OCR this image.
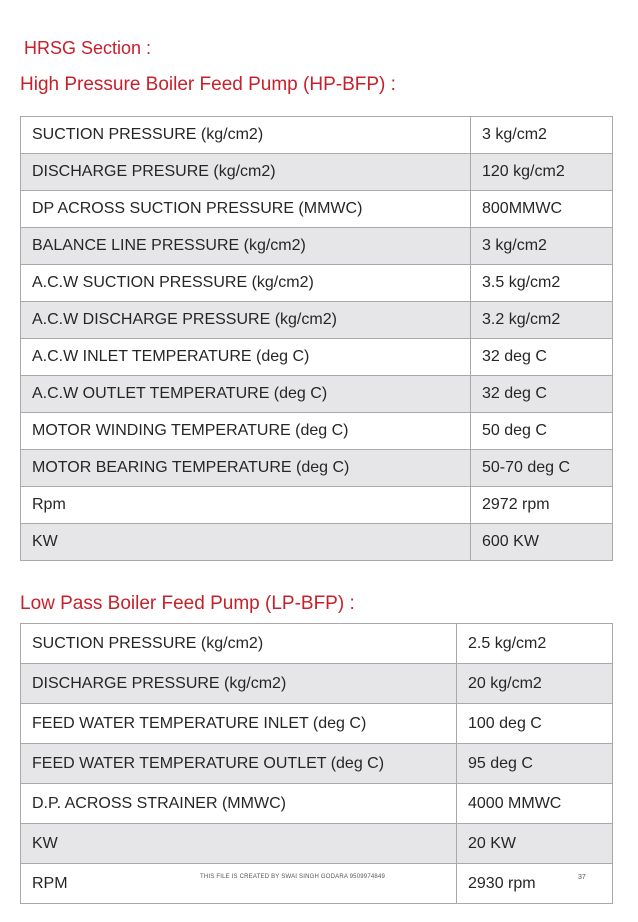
HRSG Section :
High Pressure Boiler Feed Pump (HP-BFP) :
SUCTION PRESSURE (kg/cm2)	3 kg/cm2
DISCHARGE PRESURE (kg/cm2)	120 kg/cm2
DP ACROSS SUCTION PRESSURE (MMWC)	800MMWC
BALANCE LINE PRESSURE (kg/cm2)	3 kg/cm2
A.C.W SUCTION PRESSURE (kg/cm2)	3.5 kg/cm2
A.C.W DISCHARGE PRESSURE (kg/cm2)	3.2 kg/cm2
A.C.W INLET TEMPERATURE (deg C)	32 deg C
A.C.W OUTLET TEMPERATURE (deg C)	32 deg C
MOTOR WINDING TEMPERATURE (deg C)	50 deg C
MOTOR BEARING TEMPERATURE (deg C)	50-70 deg C
Rpm	2972 rpm
KW	600 KW
Low Pass Boiler Feed Pump (LP-BFP) :
SUCTION PRESSURE (kg/cm2)	2.5 kg/cm2
DISCHARGE PRESSURE (kg/cm2)	20 kg/cm2
FEED WATER TEMPERATURE INLET (deg C)	100 deg C
FEED WATER TEMPERATURE OUTLET (deg C)	95 deg C
D.P. ACROSS STRAINER (MMWC)	4000 MMWC
KW	20 KW
RPM	2930 rpm
THIS FILE IS CREATED BY SWAI SINGH GODARA 9509974849	37
